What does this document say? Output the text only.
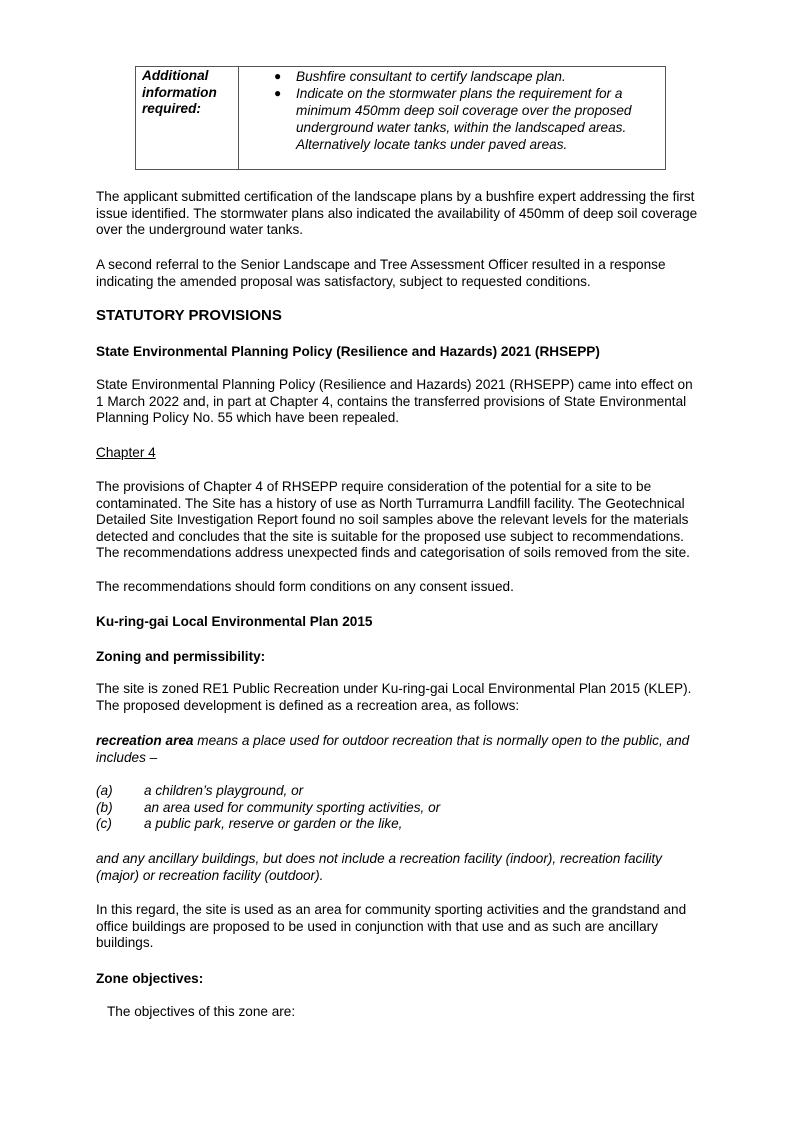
Additional information required:
● Bushfire consultant to certify landscape plan.
● Indicate on the stormwater plans the requirement for a minimum 450mm deep soil coverage over the proposed underground water tanks, within the landscaped areas. Alternatively locate tanks under paved areas.

The applicant submitted certification of the landscape plans by a bushfire expert addressing the first issue identified. The stormwater plans also indicated the availability of 450mm of deep soil coverage over the underground water tanks.

A second referral to the Senior Landscape and Tree Assessment Officer resulted in a response indicating the amended proposal was satisfactory, subject to requested conditions.

STATUTORY PROVISIONS
State Environmental Planning Policy (Resilience and Hazards) 2021 (RHSEPP)

State Environmental Planning Policy (Resilience and Hazards) 2021 (RHSEPP) came into effect on 1 March 2022 and, in part at Chapter 4, contains the transferred provisions of State Environmental Planning Policy No. 55 which have been repealed.

Chapter 4

The provisions of Chapter 4 of RHSEPP require consideration of the potential for a site to be contaminated. The Site has a history of use as North Turramurra Landfill facility. The Geotechnical Detailed Site Investigation Report found no soil samples above the relevant levels for the materials detected and concludes that the site is suitable for the proposed use subject to recommendations. The recommendations address unexpected finds and categorisation of soils removed from the site.

The recommendations should form conditions on any consent issued.

Ku-ring-gai Local Environmental Plan 2015
Zoning and permissibility:

The site is zoned RE1 Public Recreation under Ku-ring-gai Local Environmental Plan 2015 (KLEP). The proposed development is defined as a recreation area, as follows:

recreation area means a place used for outdoor recreation that is normally open to the public, and includes –

(a)	a children’s playground, or
(b)	an area used for community sporting activities, or
(c)	a public park, reserve or garden or the like,

and any ancillary buildings, but does not include a recreation facility (indoor), recreation facility (major) or recreation facility (outdoor).

In this regard, the site is used as an area for community sporting activities and the grandstand and office buildings are proposed to be used in conjunction with that use and as such are ancillary buildings.

Zone objectives:

The objectives of this zone are:
